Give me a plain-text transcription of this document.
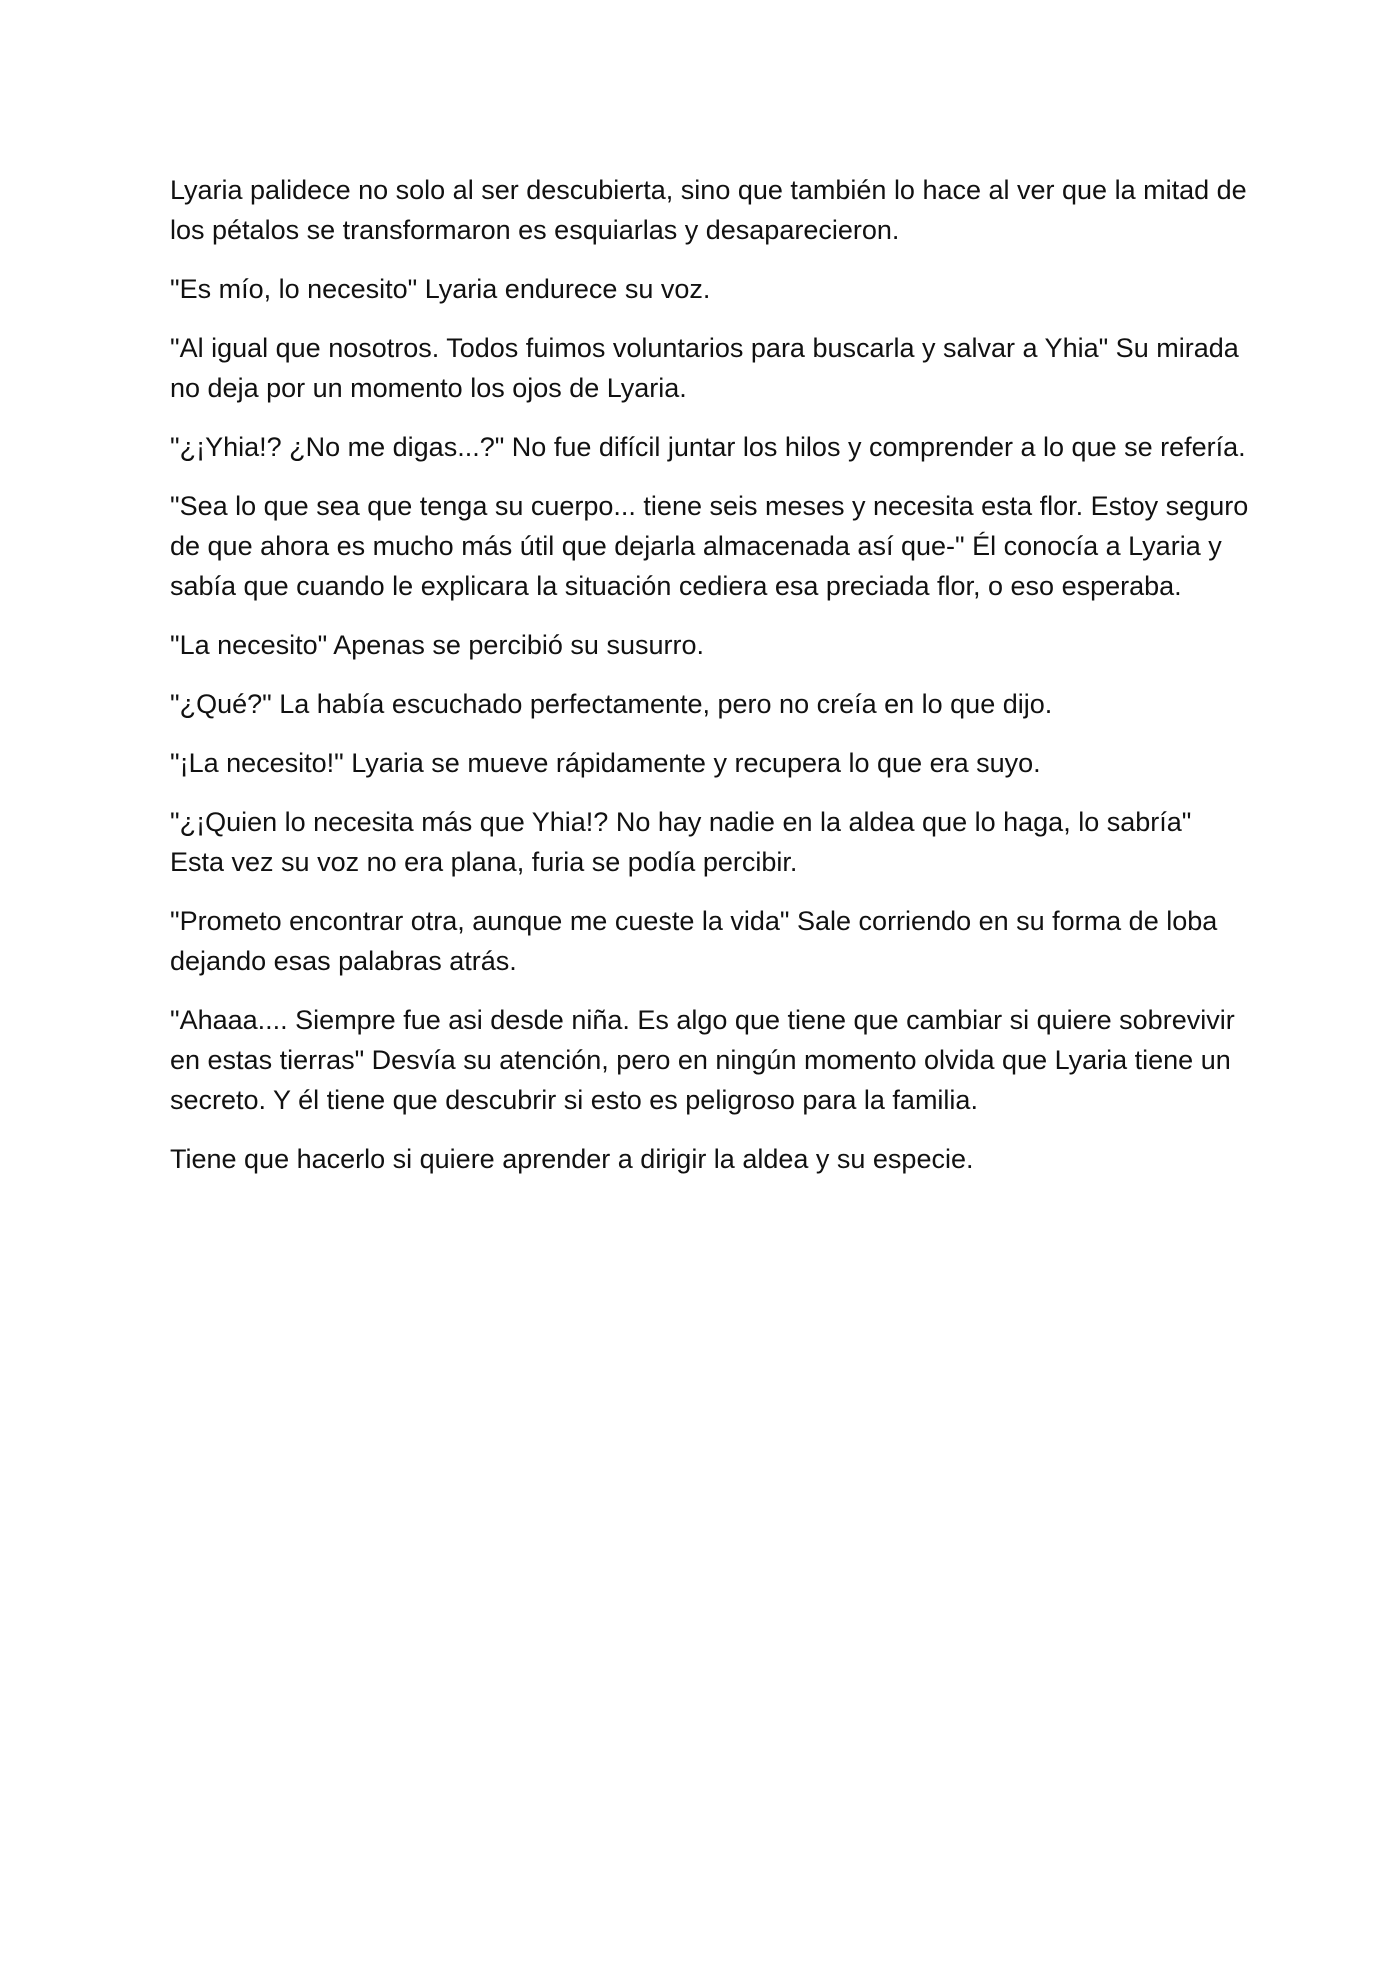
Lyaria palidece no solo al ser descubierta, sino que también lo hace al ver que la mitad de los pétalos se transformaron es esquiarlas y desaparecieron.

"Es mío, lo necesito" Lyaria endurece su voz.

"Al igual que nosotros. Todos fuimos voluntarios para buscarla y salvar a Yhia" Su mirada no deja por un momento los ojos de Lyaria.

"¿¡Yhia!? ¿No me digas...?" No fue difícil juntar los hilos y comprender a lo que se refería.

"Sea lo que sea que tenga su cuerpo... tiene seis meses y necesita esta flor. Estoy seguro de que ahora es mucho más útil que dejarla almacenada así que-" Él conocía a Lyaria y sabía que cuando le explicara la situación cediera esa preciada flor, o eso esperaba.

"La necesito" Apenas se percibió su susurro.

"¿Qué?" La había escuchado perfectamente, pero no creía en lo que dijo.

"¡La necesito!" Lyaria se mueve rápidamente y recupera lo que era suyo.

"¿¡Quien lo necesita más que Yhia!? No hay nadie en la aldea que lo haga, lo sabría" Esta vez su voz no era plana, furia se podía percibir.

"Prometo encontrar otra, aunque me cueste la vida" Sale corriendo en su forma de loba dejando esas palabras atrás.

"Ahaaa.... Siempre fue asi desde niña. Es algo que tiene que cambiar si quiere sobrevivir en estas tierras" Desvía su atención, pero en ningún momento olvida que Lyaria tiene un secreto. Y él tiene que descubrir si esto es peligroso para la familia.

Tiene que hacerlo si quiere aprender a dirigir la aldea y su especie.
